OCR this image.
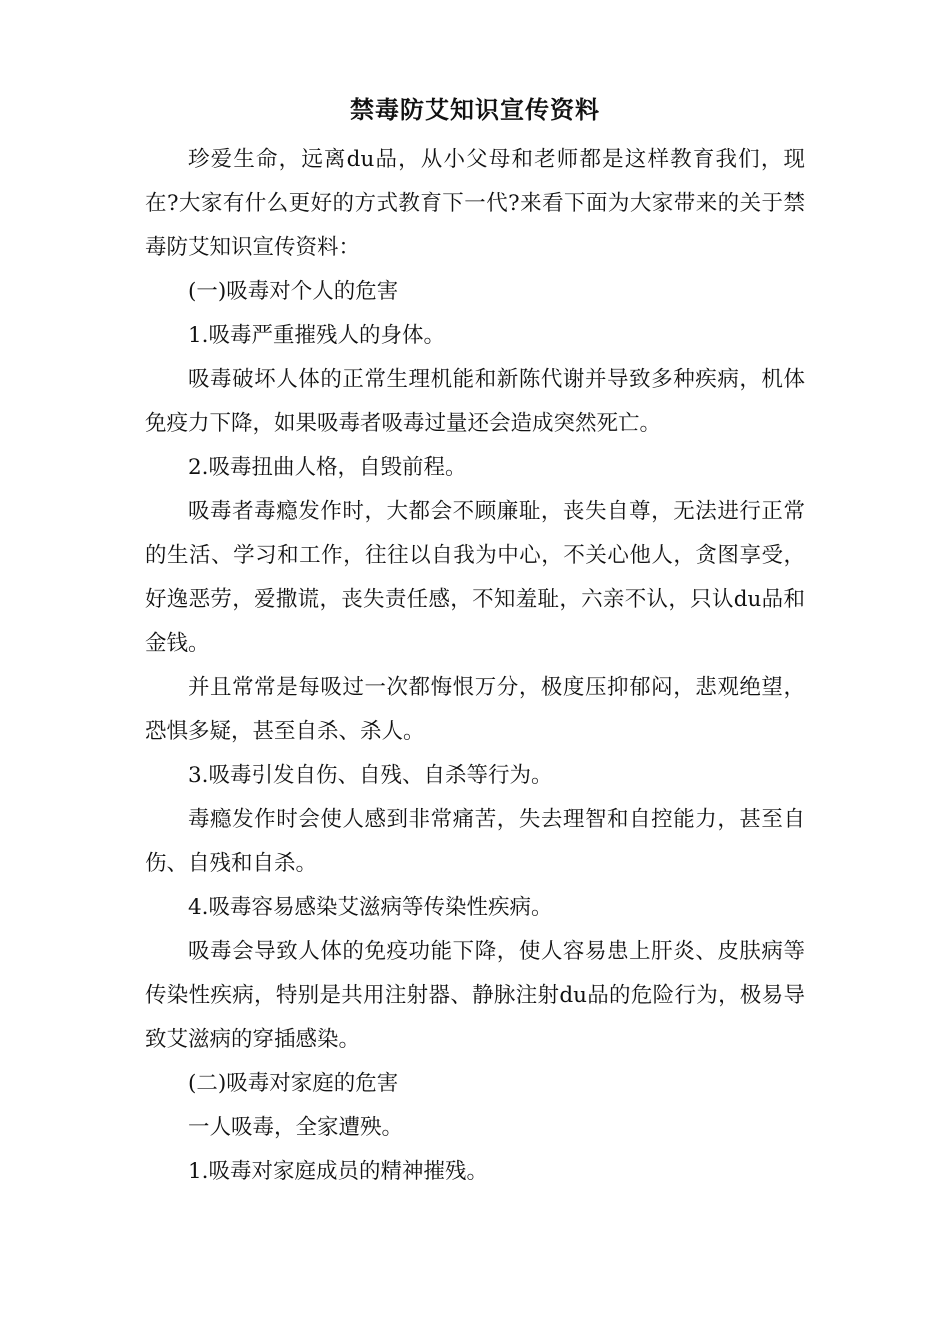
禁毒防艾知识宣传资料

珍爱生命，远离du品，从小父母和老师都是这样教育我们，现在?大家有什么更好的方式教育下一代?来看下面为大家带来的关于禁毒防艾知识宣传资料：

(一)吸毒对个人的危害

1.吸毒严重摧残人的身体。

吸毒破坏人体的正常生理机能和新陈代谢并导致多种疾病，机体免疫力下降，如果吸毒者吸毒过量还会造成突然死亡。

2.吸毒扭曲人格，自毁前程。

吸毒者毒瘾发作时，大都会不顾廉耻，丧失自尊，无法进行正常的生活、学习和工作，往往以自我为中心，不关心他人，贪图享受，好逸恶劳，爱撒谎，丧失责任感，不知羞耻，六亲不认，只认du品和金钱。

并且常常是每吸过一次都悔恨万分，极度压抑郁闷，悲观绝望，恐惧多疑，甚至自杀、杀人。

3.吸毒引发自伤、自残、自杀等行为。

毒瘾发作时会使人感到非常痛苦，失去理智和自控能力，甚至自伤、自残和自杀。

4.吸毒容易感染艾滋病等传染性疾病。

吸毒会导致人体的免疫功能下降，使人容易患上肝炎、皮肤病等传染性疾病，特别是共用注射器、静脉注射du品的危险行为，极易导致艾滋病的穿插感染。

(二)吸毒对家庭的危害

一人吸毒，全家遭殃。

1.吸毒对家庭成员的精神摧残。
